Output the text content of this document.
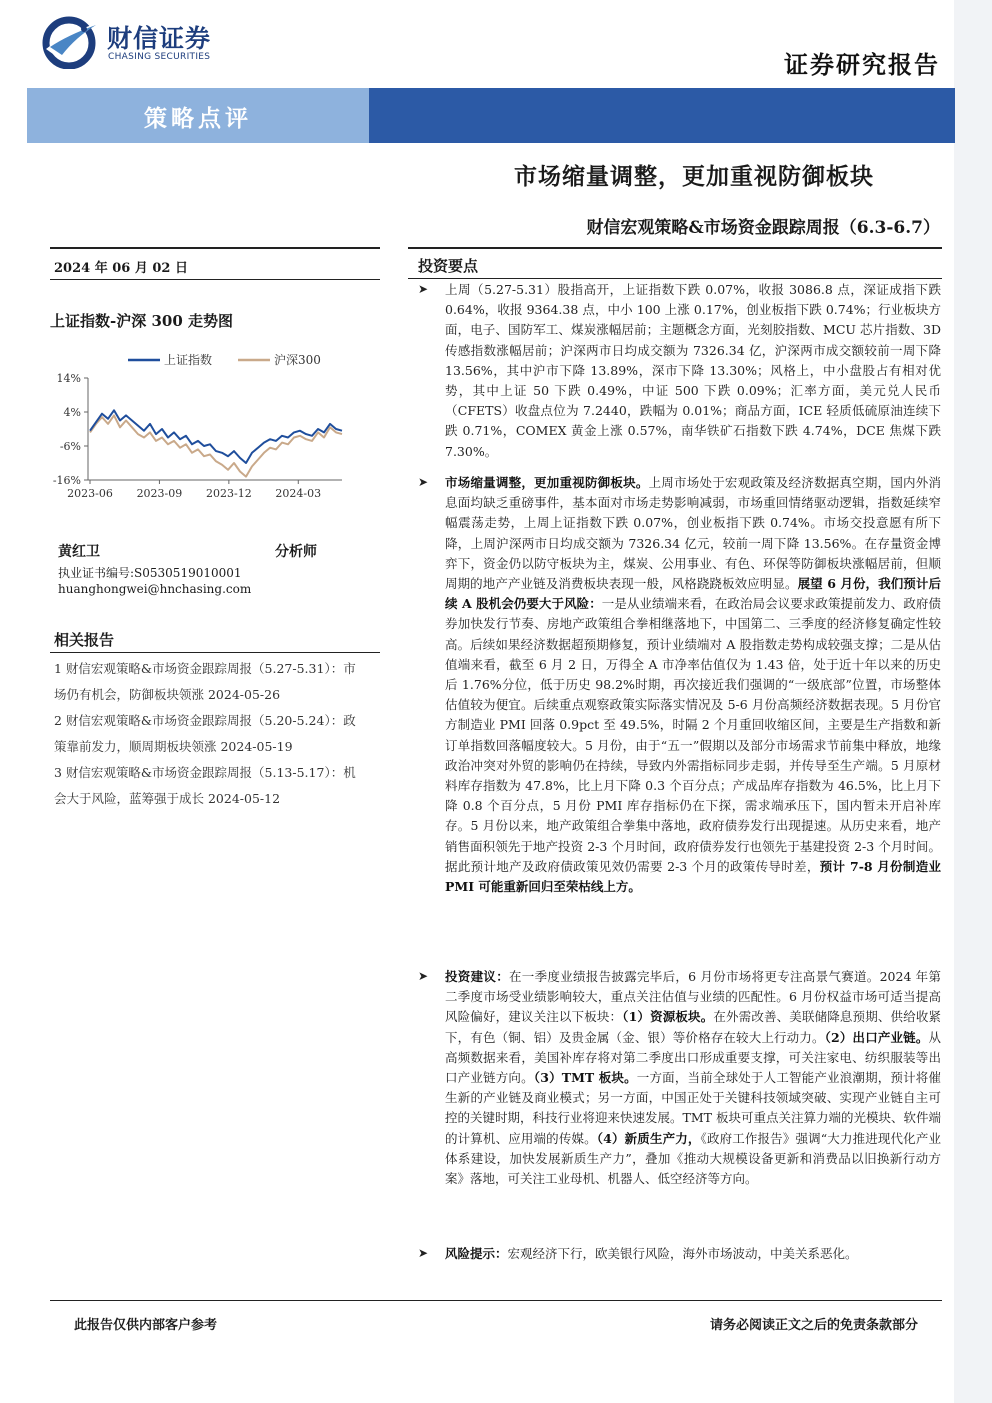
财信证券
CHASING SECURITIES	证券研究报告
策略点评
市场缩量调整，更加重视防御板块
财信宏观策略&市场资金跟踪周报（6.3-6.7）
2024 年 06 月 02 日
上证指数-沪深 300 走势图
上证指数	沪深300
14%
4%
-6%
-16%
2023-06 2023-09 2023-12 2024-03
黄红卫	分析师
执业证书编号:S0530519010001
huanghongwei@hnchasing.com
相关报告
1 财信宏观策略&市场资金跟踪周报（5.27-5.31）：市场仍有机会，防御板块领涨 2024-05-26
2 财信宏观策略&市场资金跟踪周报（5.20-5.24）：政策靠前发力，顺周期板块领涨 2024-05-19
3 财信宏观策略&市场资金跟踪周报（5.13-5.17）：机会大于风险，蓝筹强于成长 2024-05-12
投资要点
➤ 上周（5.27-5.31）股指高开，上证指数下跌 0.07%，收报 3086.8 点，深证成指下跌 0.64%，收报 9364.38 点，中小 100 上涨 0.17%，创业板指下跌 0.74%；行业板块方面，电子、国防军工、煤炭涨幅居前；主题概念方面，光刻胶指数、MCU 芯片指数、3D 传感指数涨幅居前；沪深两市日均成交额为 7326.34 亿，沪深两市成交额较前一周下降 13.56%，其中沪市下降 13.89%，深市下降 13.30%；风格上，中小盘股占有相对优势，其中上证 50 下跌 0.49%，中证 500 下跌 0.09%；汇率方面，美元兑人民币（CFETS）收盘点位为 7.2440，跌幅为 0.01%；商品方面，ICE 轻质低硫原油连续下跌 0.71%，COMEX 黄金上涨 0.57%，南华铁矿石指数下跌 4.74%，DCE 焦煤下跌 7.30%。
➤ 市场缩量调整，更加重视防御板块。上周市场处于宏观政策及经济数据真空期，国内外消息面均缺乏重磅事件，基本面对市场走势影响减弱，市场重回情绪驱动逻辑，指数延续窄幅震荡走势，上周上证指数下跌 0.07%，创业板指下跌 0.74%。市场交投意愿有所下降，上周沪深两市日均成交额为 7326.34 亿元，较前一周下降 13.56%。在存量资金博弈下，资金仍以防守板块为主，煤炭、公用事业、有色、环保等防御板块涨幅居前，但顺周期的地产产业链及消费板块表现一般，风格跷跷板效应明显。展望 6 月份，我们预计后续 A 股机会仍要大于风险：一是从业绩端来看，在政治局会议要求政策提前发力、政府债券加快发行节奏、房地产政策组合拳相继落地下，中国第二、三季度的经济修复确定性较高。后续如果经济数据超预期修复，预计业绩端对 A 股指数走势构成较强支撑；二是从估值端来看，截至 6 月 2 日，万得全 A 市净率估值仅为 1.43 倍，处于近十年以来的历史后 1.76%分位，低于历史 98.2%时期，再次接近我们强调的“一级底部”位置，市场整体估值较为便宜。后续重点观察政策实际落实情况及 5-6 月份高频经济数据表现。5 月份官方制造业 PMI 回落 0.9pct 至 49.5%，时隔 2 个月重回收缩区间，主要是生产指数和新订单指数回落幅度较大。5 月份，由于“五一”假期以及部分市场需求节前集中释放，地缘政治冲突对外贸的影响仍在持续，导致内外需指标同步走弱，并传导至生产端。5 月原材料库存指数为 47.8%，比上月下降 0.3 个百分点；产成品库存指数为 46.5%，比上月下降 0.8 个百分点，5 月份 PMI 库存指标仍在下探，需求端承压下，国内暂未开启补库存。5 月份以来，地产政策组合拳集中落地，政府债券发行出现提速。从历史来看，地产销售面积领先于地产投资 2-3 个月时间，政府债券发行也领先于基建投资 2-3 个月时间。据此预计地产及政府债政策见效仍需要 2-3 个月的政策传导时差，预计 7-8 月份制造业 PMI 可能重新回归至荣枯线上方。
➤ 投资建议：在一季度业绩报告披露完毕后，6 月份市场将更专注高景气赛道。2024 年第二季度市场受业绩影响较大，重点关注估值与业绩的匹配性。6 月份权益市场可适当提高风险偏好，建议关注以下板块：（1）资源板块。在外需改善、美联储降息预期、供给收紧下，有色（铜、铝）及贵金属（金、银）等价格存在较大上行动力。（2）出口产业链。从高频数据来看，美国补库存将对第二季度出口形成重要支撑，可关注家电、纺织服装等出口产业链方向。（3）TMT 板块。一方面，当前全球处于人工智能产业浪潮期，预计将催生新的产业链及商业模式；另一方面，中国正处于关键科技领域突破、实现产业链自主可控的关键时期，科技行业将迎来快速发展。TMT 板块可重点关注算力端的光模块、软件端的计算机、应用端的传媒。（4）新质生产力，《政府工作报告》强调“大力推进现代化产业体系建设，加快发展新质生产力”，叠加《推动大规模设备更新和消费品以旧换新行动方案》落地，可关注工业母机、机器人、低空经济等方向。
➤ 风险提示：宏观经济下行，欧美银行风险，海外市场波动，中美关系恶化。
此报告仅供内部客户参考	请务必阅读正文之后的免责条款部分
